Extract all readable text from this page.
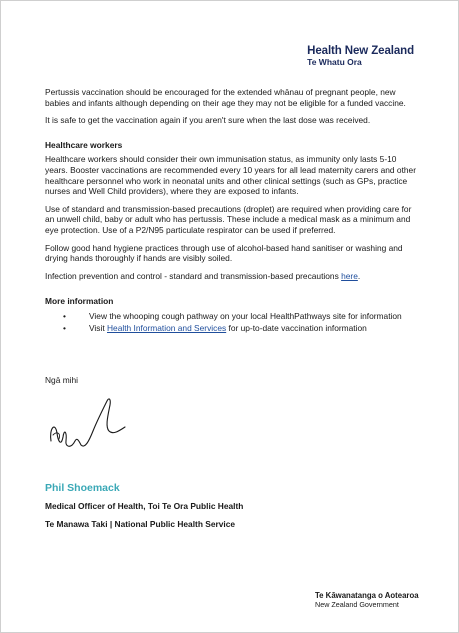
Health New Zealand
Te Whatu Ora

Pertussis vaccination should be encouraged for the extended whānau of pregnant people, new babies and infants although depending on their age they may not be eligible for a funded vaccine.

It is safe to get the vaccination again if you aren't sure when the last dose was received.

Healthcare workers

Healthcare workers should consider their own immunisation status, as immunity only lasts 5-10 years. Booster vaccinations are recommended every 10 years for all lead maternity carers and other healthcare personnel who work in neonatal units and other clinical settings (such as GPs, practice nurses and Well Child providers), where they are exposed to infants.

Use of standard and transmission-based precautions (droplet) are required when providing care for an unwell child, baby or adult who has pertussis. These include a medical mask as a minimum and eye protection. Use of a P2/N95 particulate respirator can be used if preferred.

Follow good hand hygiene practices through use of alcohol-based hand sanitiser or washing and drying hands thoroughly if hands are visibly soiled.

Infection prevention and control - standard and transmission-based precautions here.

More information
• View the whooping cough pathway on your local HealthPathways site for information
• Visit Health Information and Services for up-to-date vaccination information
Ngā mihi
Phil Shoemack
Medical Officer of Health, Toi Te Ora Public Health
Te Manawa Taki | National Public Health Service
Te Kāwanatanga o Aotearoa
New Zealand Government
